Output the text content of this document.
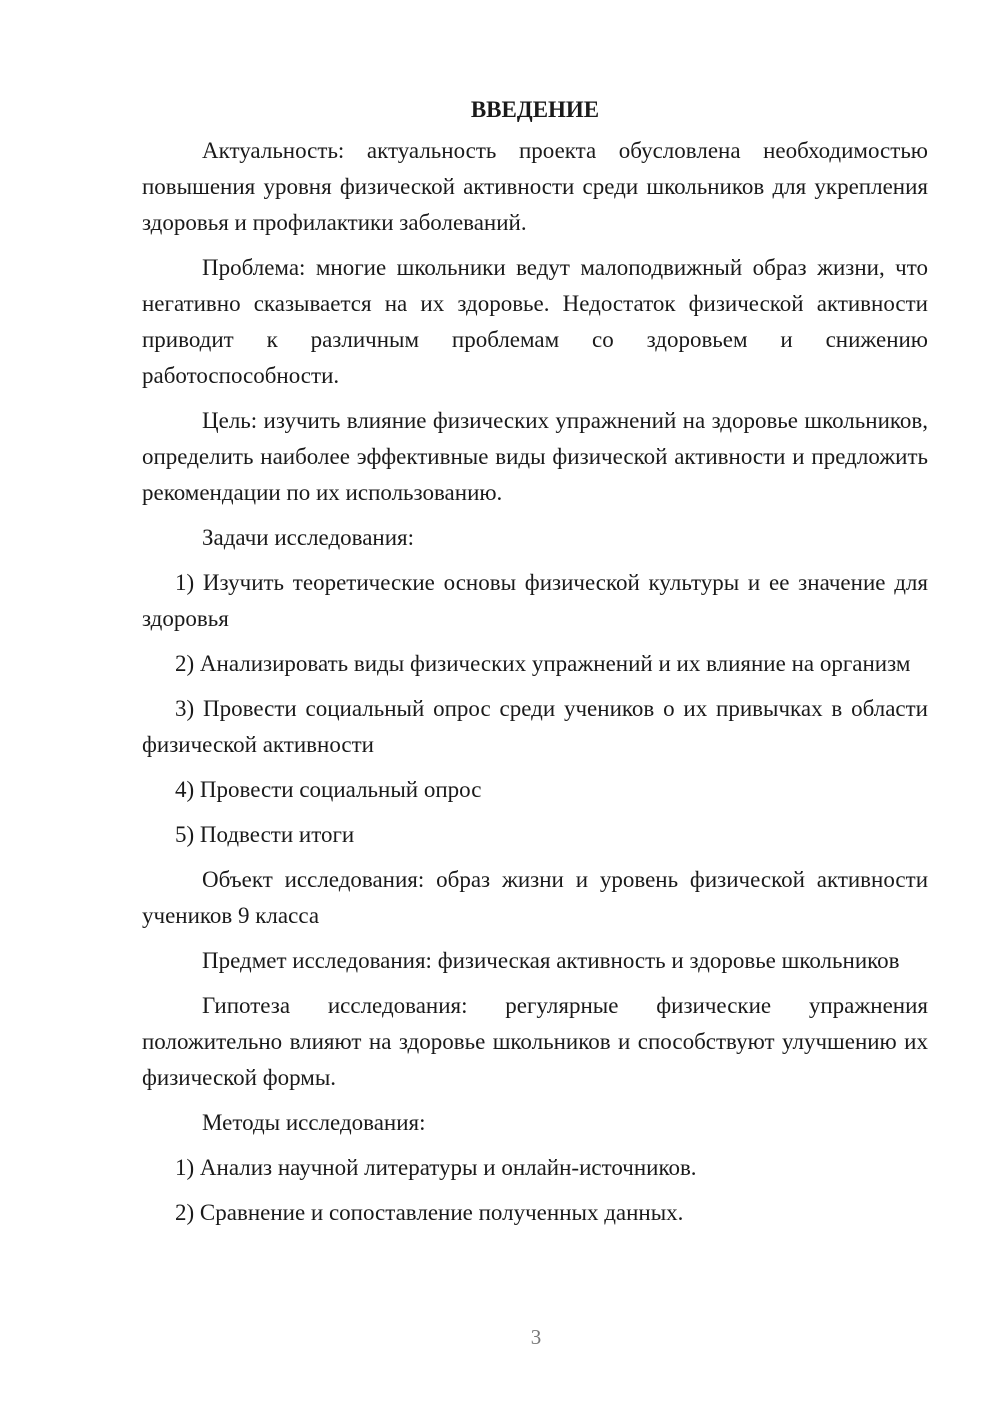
ВВЕДЕНИЕ

Актуальность: актуальность проекта обусловлена необходимостью повышения уровня физической активности среди школьников для укрепления здоровья и профилактики заболеваний.

Проблема: многие школьники ведут малоподвижный образ жизни, что негативно сказывается на их здоровье. Недостаток физической активности приводит к различным проблемам со здоровьем и снижению работоспособности.

Цель: изучить влияние физических упражнений на здоровье школьников, определить наиболее эффективные виды физической активности и предложить рекомендации по их использованию.

Задачи исследования:

1) Изучить теоретические основы физической культуры и ее значение для здоровья

2) Анализировать виды физических упражнений и их влияние на организм

3) Провести социальный опрос среди учеников о их привычках в области физической активности

4) Провести социальный опрос

5) Подвести итоги

Объект исследования: образ жизни и уровень физической активности учеников 9 класса

Предмет исследования: физическая активность и здоровье школьников

Гипотеза исследования: регулярные физические упражнения положительно влияют на здоровье школьников и способствуют улучшению их физической формы.

Методы исследования:

1) Анализ научной литературы и онлайн-источников.

2) Сравнение и сопоставление полученных данных.

3
